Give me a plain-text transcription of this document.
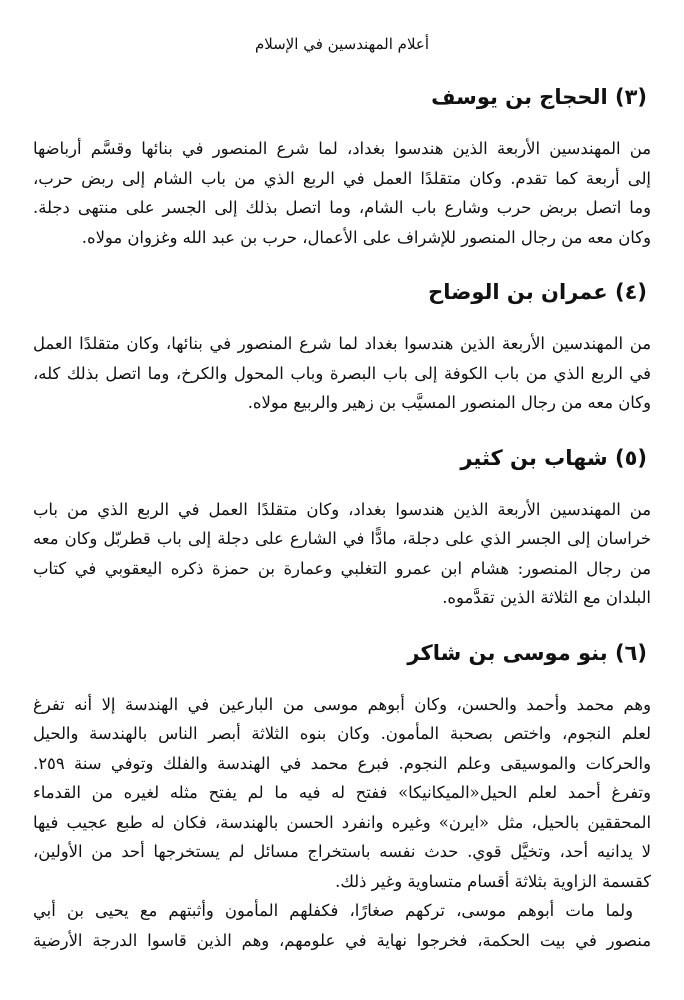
أعلام المهندسين في الإسلام
(٣) الحجاج بن يوسف
من المهندسين الأربعة الذين هندسوا بغداد، لما شرع المنصور في بنائها وقسَّم أرباضها
إلى أربعة كما تقدم. وكان متقلدًا العمل في الربع الذي من باب الشام إلى ربض حرب،
وما اتصل بربض حرب وشارع باب الشام، وما اتصل بذلك إلى الجسر على منتهى دجلة.
وكان معه من رجال المنصور للإشراف على الأعمال، حرب بن عبد الله وغزوان مولاه.
(٤) عمران بن الوضاح
من المهندسين الأربعة الذين هندسوا بغداد لما شرع المنصور في بنائها، وكان متقلدًا العمل
في الربع الذي من باب الكوفة إلى باب البصرة وباب المحول والكرخ، وما اتصل بذلك كله،
وكان معه من رجال المنصور المسيَّب بن زهير والربيع مولاه.
(٥) شهاب بن كثير
من المهندسين الأربعة الذين هندسوا بغداد، وكان متقلدًا العمل في الربع الذي من باب
خراسان إلى الجسر الذي على دجلة، مادًّا في الشارع على دجلة إلى باب قطربّل وكان معه
من رجال المنصور: هشام ابن عمرو التغلبي وعمارة بن حمزة ذكره اليعقوبي في كتاب
البلدان مع الثلاثة الذين تقدَّموه.
(٦) بنو موسى بن شاكر
وهم محمد وأحمد والحسن، وكان أبوهم موسى من البارعين في الهندسة إلا أنه تفرغ
لعلم النجوم، واختص بصحبة المأمون. وكان بنوه الثلاثة أبصر الناس بالهندسة والحيل
والحركات والموسيقى وعلم النجوم. فبرع محمد في الهندسة والفلك وتوفي سنة ٢٥٩.
وتفرغ أحمد لعلم الحيل«الميكانيكا» ففتح له فيه ما لم يفتح مثله لغيره من القدماء
المحققين بالحيل، مثل «ايرن» وغيره وانفرد الحسن بالهندسة، فكان له طبع عجيب فيها
لا يدانيه أحد، وتخيَّل قوي. حدث نفسه باستخراج مسائل لم يستخرجها أحد من الأولين،
كقسمة الزاوية بثلاثة أقسام متساوية وغير ذلك.
ولما مات أبوهم موسى، تركهم صغارًا، فكفلهم المأمون وأثبتهم مع يحيى بن أبي
منصور في بيت الحكمة، فخرجوا نهاية في علومهم، وهم الذين قاسوا الدرجة الأرضية
